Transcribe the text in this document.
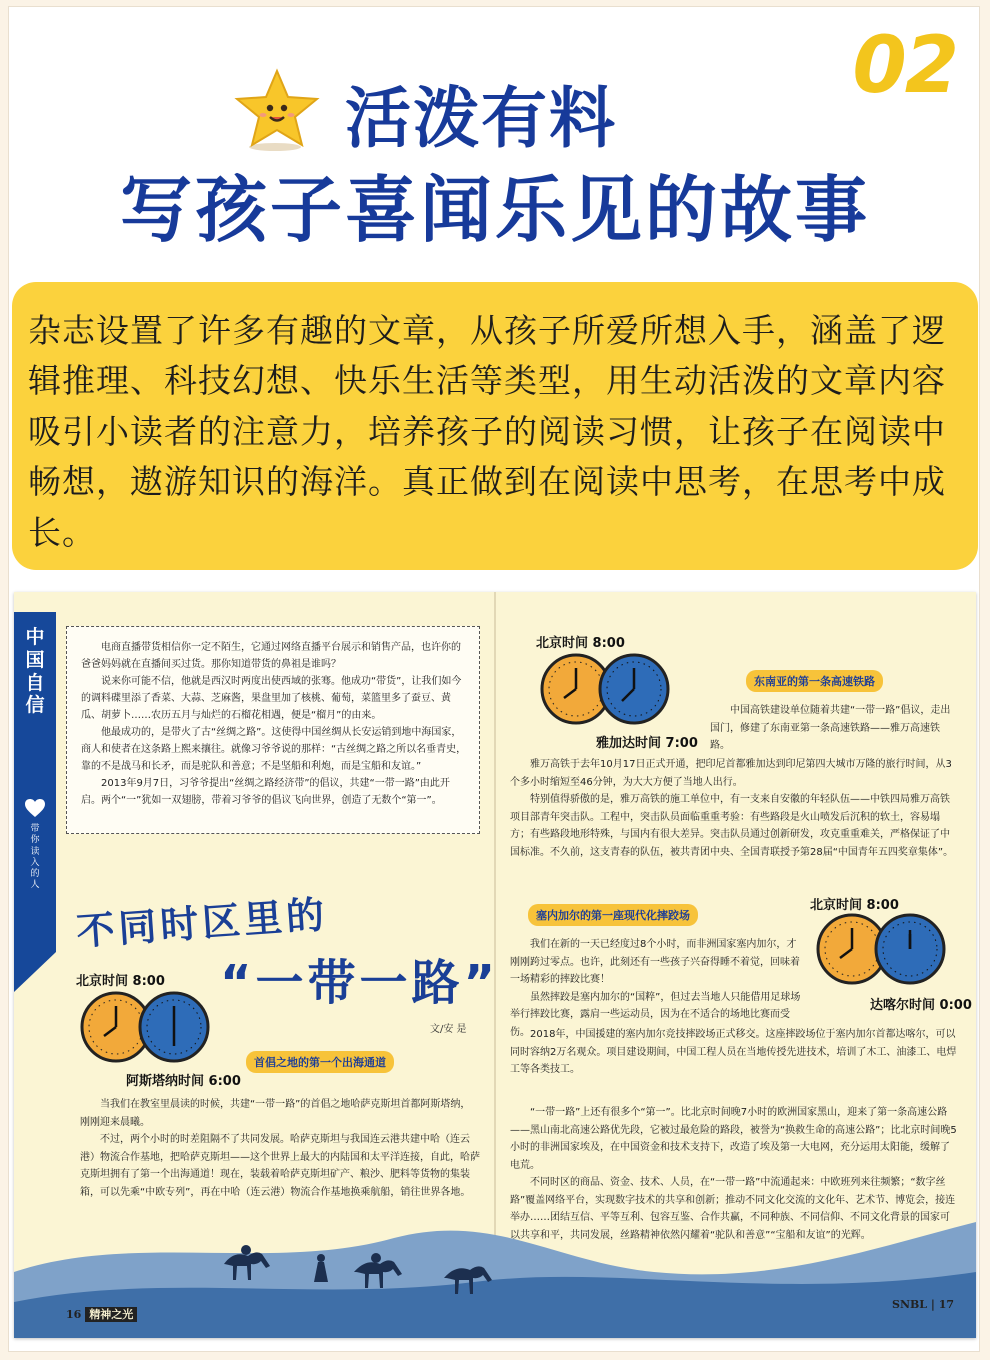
02
活泼有料
写孩子喜闻乐见的故事
杂志设置了许多有趣的文章，从孩子所爱所想入手，涵盖了逻辑推理、科技幻想、快乐生活等类型，用生动活泼的文章内容吸引小读者的注意力，培养孩子的阅读习惯，让孩子在阅读中畅想，遨游知识的海洋。真正做到在阅读中思考，在思考中成长。
中国自信
带你读入的人

电商直播带货相信你一定不陌生，它通过网络直播平台展示和销售产品，也许你的爸爸妈妈就在直播间买过货。那你知道带货的鼻祖是谁吗？

说来你可能不信，他就是西汉时两度出使西域的张骞。他成功“带货”，让我们如今的调料碟里添了香菜、大蒜、芝麻酱，果盘里加了核桃、葡萄，菜篮里多了蚕豆、黄瓜、胡萝卜……农历五月与灿烂的石榴花相遇，便是“榴月”的由来。

他最成功的，是带火了古“丝绸之路”。这使得中国丝绸从长安运销到地中海国家，商人和使者在这条路上熙来攘往。就像习爷爷说的那样：“古丝绸之路之所以名垂青史，靠的不是战马和长矛，而是驼队和善意；不是坚船和利炮，而是宝船和友谊。”

2013年9月7日，习爷爷提出“丝绸之路经济带”的倡议，共建“一带一路”由此开启。两个“一”犹如一双翅膀，带着习爷爷的倡议飞向世界，创造了无数个“第一”。

不同时区里的
“一带一路”
文/安 是
北京时间 8:00
阿斯塔纳时间 6:00
首倡之地的第一个出海通道

当我们在教室里晨读的时候，共建“一带一路”的首倡之地哈萨克斯坦首都阿斯塔纳，刚刚迎来晨曦。

不过，两个小时的时差阻隔不了共同发展。哈萨克斯坦与我国连云港共建中哈（连云港）物流合作基地，把哈萨克斯坦——这个世界上最大的内陆国和太平洋连接，自此，哈萨克斯坦拥有了第一个出海通道！现在，装载着哈萨克斯坦矿产、粮沙、肥料等货物的集装箱，可以先乘“中欧专列”，再在中哈（连云港）物流合作基地换乘航船，销往世界各地。

北京时间 8:00
雅加达时间 7:00
东南亚的第一条高速铁路

中国高铁建设单位随着共建“一带一路”倡议，走出国门，修建了东南亚第一条高速铁路——雅万高速铁路。

雅万高铁于去年10月17日正式开通，把印尼首都雅加达到印尼第四大城市万隆的旅行时间，从3个多小时缩短至46分钟，为大大方便了当地人出行。

特别值得骄傲的是，雅万高铁的施工单位中，有一支来自安徽的年轻队伍——中铁四局雅万高铁项目部青年突击队。工程中，突击队员面临重重考验：有些路段是火山喷发后沉积的软土，容易塌方；有些路段地形特殊，与国内有很大差异。突击队员通过创新研发，攻克重重难关，严格保证了中国标准。不久前，这支青春的队伍，被共青团中央、全国青联授予第28届“中国青年五四奖章集体”。

北京时间 8:00
达喀尔时间 0:00
塞内加尔的第一座现代化摔跤场

我们在新的一天已经度过8个小时，而非洲国家塞内加尔，才刚刚跨过零点。也许，此刻还有一些孩子兴奋得睡不着觉，回味着一场精彩的摔跤比赛！

虽然摔跤是塞内加尔的“国粹”，但过去当地人只能借用足球场举行摔跤比赛，露肩一些运动员，因为在不适合的场地比赛而受伤。 2018年，中国援建的塞内加尔竞技摔跤场正式移交。这座摔跤场位于塞内加尔首都达喀尔，可以同时容纳2万名观众。项目建设期间，中国工程人员在当地传授先进技术，培训了木工、油漆工、电焊工等各类技工。

“一带一路”上还有很多个“第一”。比北京时间晚7小时的欧洲国家黑山，迎来了第一条高速公路——黑山南北高速公路优先段，它被过最危险的路段，被誉为“换救生命的高速公路”；比北京时间晚5小时的非洲国家埃及，在中国资金和技术支持下，改造了埃及第一大电网，充分运用太阳能，缓解了电荒。

不同时区的商品、资金、技术、人员，在“一带一路”中流通起来：中欧班列来往频繁；“数字丝路”覆盖网络平台，实现数字技术的共享和创新；推动不同文化交流的文化年、艺术节、博览会，接连举办……团结互信、平等互利、包容互鉴、合作共赢，不同种族、不同信仰、不同文化背景的国家可以共享和平，共同发展，丝路精神依然闪耀着“驼队和善意”“宝船和友谊”的光辉。

16 精神之光
SNBL | 17
